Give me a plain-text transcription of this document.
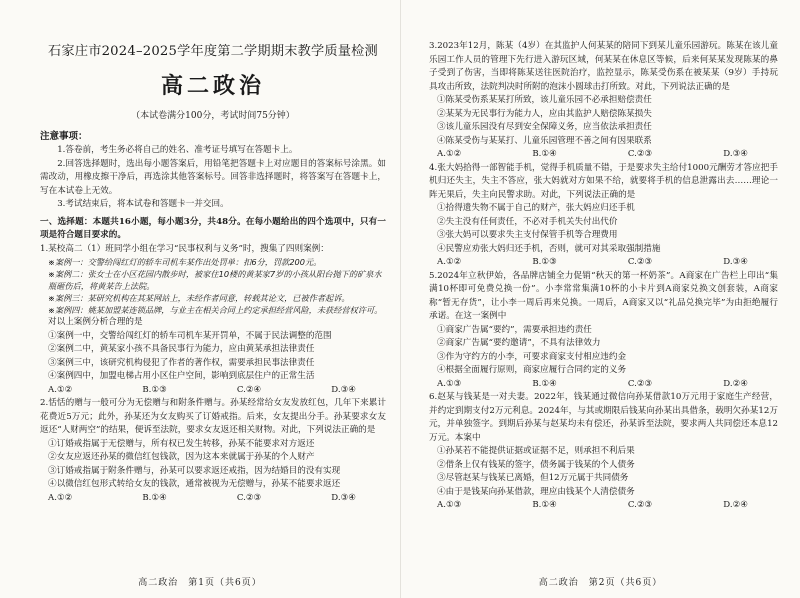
石家庄市2024–2025学年度第二学期期末教学质量检测
高二政治
（本试卷满分100分，考试时间75分钟）
注意事项：

1.答卷前，考生务必将自己的姓名、准考证号填写在答题卡上。

2.回答选择题时，选出每小题答案后，用铅笔把答题卡上对应题目的答案标号涂黑。如需改动，用橡皮擦干净后，再选涂其他答案标号。回答非选择题时，将答案写在答题卡上，写在本试卷上无效。

3.考试结束后，将本试卷和答题卡一并交回。

一、选择题：本题共16小题，每小题3分，共48分。在每小题给出的四个选项中，只有一项是符合题目要求的。

1.某校高二（1）班同学小组在学习“民事权利与义务”时，搜集了四则案例：

※案例一：交警给闯红灯的轿车司机车某作出处罚单：扣6分，罚款200元。

※案例二：张女士在小区花园内散步时，被家住10楼的黄某家7岁的小孩从阳台抛下的矿泉水瓶砸伤后，将黄某告上法院。

※案例三：某研究机构在其某网站上，未经作者同意，转载其论文，已被作者起诉。

※案例四：姚某加盟某连锁品牌，与业主在相关合同上约定承担经营风险，未获经营权许可。

对以上案例分析合理的是

①案例一中，交警给闯红灯的轿车司机车某开罚单，不属于民法调整的范围

②案例二中，黄某家小孩不具备民事行为能力，应由黄某承担法律责任

③案例三中，该研究机构侵犯了作者的著作权，需要承担民事法律责任

④案例四中，加盟电梯占用小区住户空间，影响到底层住户的正常生活

A.①②	B.①③	C.②④	D.③④

2.恬恬的赠与一般可分为无偿赠与和附条件赠与。孙某经常给女友发放红包，几年下来累计花费近5万元；此外，孙某还为女友购买了订婚戒指。后来，女友提出分手。孙某要求女友返还“人财两空”的结果，便诉至法院，要求女友返还相关财物。对此，下列说法正确的是

①订婚戒指属于无偿赠与，所有权已发生转移，孙某不能要求对方返还

②女友应返还孙某的微信红包钱款，因为这本来就属于孙某的个人财产

③订婚戒指属于附条件赠与，孙某可以要求返还戒指，因为结婚目的没有实现

④以微信红包形式转给女友的钱款，通常被视为无偿赠与，孙某不能要求返还

A.①②	B.①④	C.②③	D.③④
高二政治　第1页（共6页）

3.2023年12月，陈某（4岁）在其监护人何某某的陪同下到某儿童乐园游玩。陈某在该儿童乐园工作人员的管理下先行进入游玩区域，何某某在休息区等候，后来何某某发现陈某的鼻子受到了伤害，当即将陈某送往医院治疗，监控显示，陈某受伤系在被某某（9岁）手持玩具攻击所致，法院判决时所附的泡沫小圆球击打所致。对此，下列说法正确的是

①陈某受伤系某某打所致，该儿童乐园不必承担赔偿责任

②某某为无民事行为能力人，应由其监护人赔偿陈某损失

③该儿童乐园没有尽到安全保障义务，应当依法承担责任

④陈某受伤与某某打、儿童乐园管理不善之间有因果联系

A.①②	B.①④	C.②③	D.③④

4.张大妈拾得一部智能手机，觉得手机质量不错，于是要求失主给付1000元酬劳才答应把手机归还失主，失主不答应，张大妈就对方如果不给，就要将手机的信息泄露出去……理论一阵无果后，失主向民警求助。对此，下列说法正确的是

①拾得遗失物不属于自己的财产，张大妈应归还手机

②失主没有任何责任，不必对手机关失付出代价

③张大妈可以要求失主支付保管手机等合理费用

④民警应劝张大妈归还手机，否则，就可对其采取强制措施

A.①②	B.①③	C.②③	D.③④

5.2024年立秋伊始，各品牌店铺全力促销“秋天的第一杯奶茶”。A商家在广告栏上印出“集满10杯即可免费兑换一份”。小李常常集满10杯的小卡片到A商家兑换文创套装，A商家称“暂无存货”，让小李一周后再来兑换。一周后，A商家又以“礼品兑换完毕”为由拒绝履行承诺。在这一案例中

①商家广告属“要约”，需要承担违约责任

②商家广告属“要约邀请”，不具有法律效力

③作为守约方的小李，可要求商家支付相应违约金

④根据全面履行原则，商家应履行合同约定的义务

A.①③	B.①④	C.②③	D.②④

6.赵某与钱某是一对夫妻。2022年，钱某通过微信向孙某借款10万元用于家庭生产经营，并约定到期支付2万元利息。2024年，与其或期限后钱某向孙某出具借条，载明欠孙某12万元，并单独签字。到期后孙某与赵某均未有偿还，孙某诉至法院，要求两人共同偿还本息12万元。本案中

①孙某若不能提供证据或证据不足，则承担不利后果

②借条上仅有钱某的签字，债务属于钱某的个人债务

③尽管赵某与钱某已离婚，但12万元属于共同债务

④由于是钱某向孙某借款，理应由钱某个人清偿债务

A.①③	B.①④	C.②③	D.②④
高二政治　第2页（共6页）
